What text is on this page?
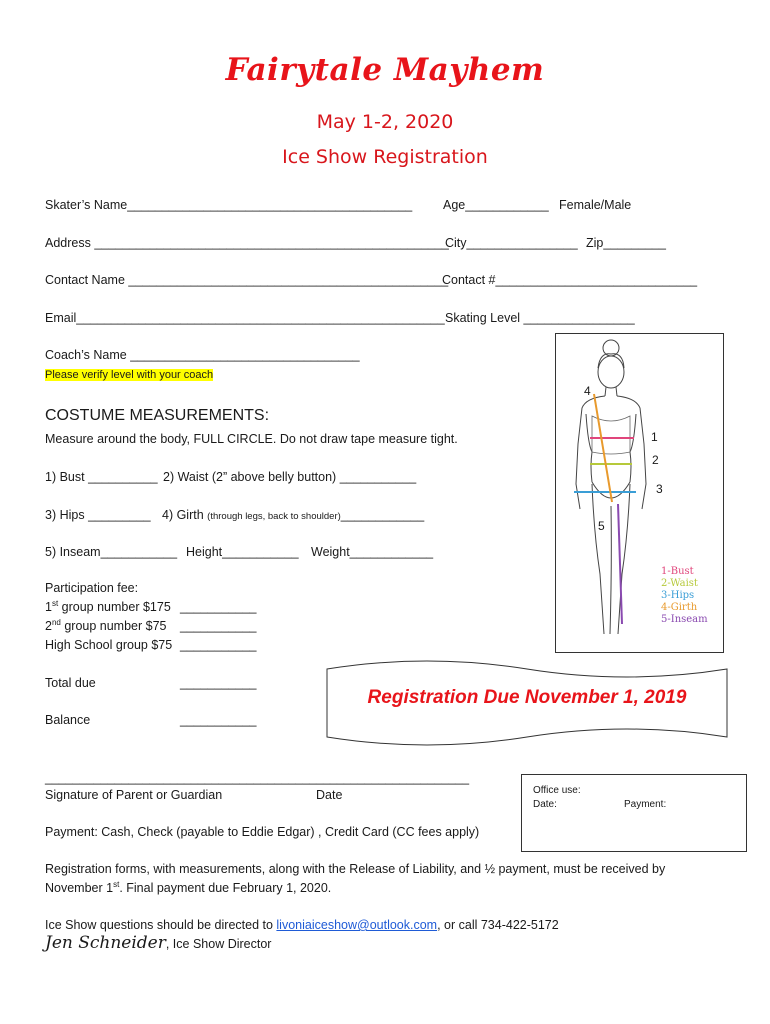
Fairytale Mayhem
May 1-2, 2020
Ice Show Registration
Skater’s Name_________________________________________ Age____________ Female/Male
Address ___________________________________________________
City________________ Zip_________
Contact Name ______________________________________________
Contact #_____________________________
Email_____________________________________________________ Skating Level ________________
Coach’s Name _________________________________
Please verify level with your coach
COSTUME MEASUREMENTS:
Measure around the body, FULL CIRCLE. Do not draw tape measure tight.
1) Bust __________ 2) Waist (2” above belly button) ___________
3) Hips _________ 4) Girth (through legs, back to shoulder)____________
5) Inseam___________ Height___________ Weight____________
Participation fee:
1st group number $175 ___________
2nd group number $75 ___________
High School group $75 ___________
Total due	___________
Balance	___________
1
2
3
4
5
1-Bust
2-Waist
3-Hips
4-Girth
5-Inseam
Registration Due November 1, 2019
_____________________________________________________________
Signature of Parent or Guardian	Date	Office use:
Date:	Payment:
Payment: Cash, Check (payable to Eddie Edgar) , Credit Card (CC fees apply)
Registration forms, with measurements, along with the Release of Liability, and ½ payment, must be received by
November 1st. Final payment due February 1, 2020.
Ice Show questions should be directed to livoniaiceshow@outlook.com, or call 734-422-5172
Jen Schneider, Ice Show Director
